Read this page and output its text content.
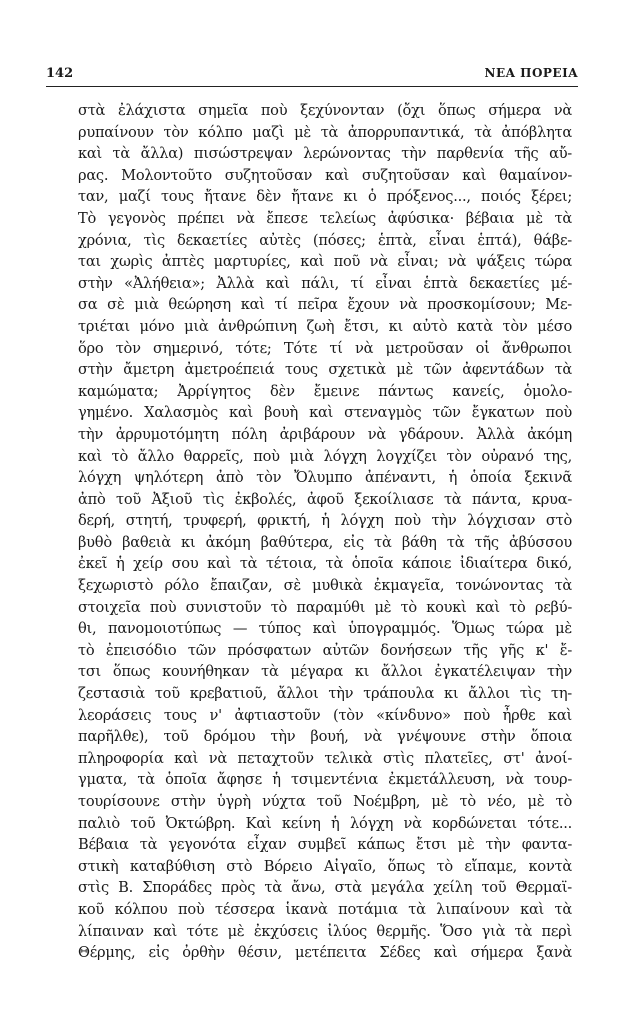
142	ΝΕΑ ΠΟΡΕΙΑ
στὰ ἐλάχιστα σημεῖα ποὺ ξεχύνονταν (ὄχι ὅπως σήμερα νὰ
ρυπαίνουν τὸν κόλπο μαζὶ μὲ τὰ ἀπορρυπαντικά, τὰ ἀπόβλητα
καὶ τὰ ἄλλα) πισώστρεψαν λερώνοντας τὴν παρθενία τῆς αὔ-
ρας. Μολοντοῦτο συζητοῦσαν καὶ συζητοῦσαν καὶ θαμαίνον-
ταν, μαζί τους ἤτανε δὲν ἤτανε κι ὁ πρόξενος..., ποιός ξέρει;
Τὸ γεγονὸς πρέπει νὰ ἔπεσε τελείως ἀφύσικα· βέβαια μὲ τὰ
χρόνια, τὶς δεκαετίες αὐτὲς (πόσες; ἑπτὰ, εἶναι ἑπτά), θάβε-
ται χωρὶς ἀπτὲς μαρτυρίες, καὶ ποῦ νὰ εἶναι; νὰ ψάξεις τώρα
στὴν «Ἀλήθεια»; Ἀλλὰ καὶ πάλι, τί εἶναι ἑπτὰ δεκαετίες μέ-
σα σὲ μιὰ θεώρηση καὶ τί πεῖρα ἔχουν νὰ προσκομίσουν; Με-
τριέται μόνο μιὰ ἀνθρώπινη ζωὴ ἔτσι, κι αὐτὸ κατὰ τὸν μέσο
ὅρο τὸν σημερινό, τότε; Τότε τί νὰ μετροῦσαν οἱ ἄνθρωποι
στὴν ἄμετρη ἀμετροέπειά τους σχετικὰ μὲ τῶν ἀφεντάδων τὰ
καμώματα; Ἀρρίγητος δὲν ἔμεινε πάντως κανείς, ὁμολο-
γημένο. Χαλασμὸς καὶ βουὴ καὶ στεναγμὸς τῶν ἔγκατων ποὺ
τὴν ἀρρυμοτόμητη πόλη ἀριβάρουν νὰ γδάρουν. Ἀλλὰ ἀκόμη
καὶ τὸ ἄλλο θαρρεῖς, ποὺ μιὰ λόγχη λογχίζει τὸν οὐρανό της,
λόγχη ψηλότερη ἀπὸ τὸν Ὄλυμπο ἀπέναντι, ἡ ὁποία ξεκινᾶ
ἀπὸ τοῦ Ἀξιοῦ τὶς ἐκβολές, ἀφοῦ ξεκοίλιασε τὰ πάντα, κρυα-
δερή, στητή, τρυφερή, φρικτή, ἡ λόγχη ποὺ τὴν λόγχισαν στὸ
βυθὸ βαθειὰ κι ἀκόμη βαθύτερα, εἰς τὰ βάθη τὰ τῆς ἀβύσσου
ἐκεῖ ἡ χείρ σου καὶ τὰ τέτοια, τὰ ὁποῖα κάποιε ἰδιαίτερα δικό,
ξεχωριστὸ ρόλο ἔπαιζαν, σὲ μυθικὰ ἐκμαγεῖα, τονώνοντας τὰ
στοιχεῖα ποὺ συνιστοῦν τὸ παραμύθι μὲ τὸ κουκὶ καὶ τὸ ρεβύ-
θι, πανομοιοτύπως — τύπος καὶ ὑπογραμμός. Ὅμως τώρα μὲ
τὸ ἐπεισόδιο τῶν πρόσφατων αὐτῶν δονήσεων τῆς γῆς κ' ἔ-
τσι ὅπως κουνήθηκαν τὰ μέγαρα κι ἄλλοι ἐγκατέλειψαν τὴν
ζεστασιὰ τοῦ κρεβατιοῦ, ἄλλοι τὴν τράπουλα κι ἄλλοι τὶς τη-
λεοράσεις τους ν' ἀφτιαστοῦν (τὸν «κίνδυνο» ποὺ ἦρθε καὶ
παρῆλθε), τοῦ δρόμου τὴν βουή, νὰ γνέψουνε στὴν ὅποια
πληροφορία καὶ νὰ πεταχτοῦν τελικὰ στὶς πλατεῖες, στ' ἀνοί-
γματα, τὰ ὁποῖα ἄφησε ἡ τσιμεντένια ἐκμετάλλευση, νὰ τουρ-
τουρίσουνε στὴν ὑγρὴ νύχτα τοῦ Νοέμβρη, μὲ τὸ νέο, μὲ τὸ
παλιὸ τοῦ Ὀκτώβρη. Καὶ κείνη ἡ λόγχη νὰ κορδώνεται τότε...
Βέβαια τὰ γεγονότα εἶχαν συμβεῖ κάπως ἔτσι μὲ τὴν φαντα-
στικὴ καταβύθιση στὸ Βόρειο Αἰγαῖο, ὅπως τὸ εἴπαμε, κοντὰ
στὶς Β. Σποράδες πρὸς τὰ ἄνω, στὰ μεγάλα χείλη τοῦ Θερμαϊ-
κοῦ κόλπου ποὺ τέσσερα ἱκανὰ ποτάμια τὰ λιπαίνουν καὶ τὰ
λίπαιναν καὶ τότε μὲ ἐκχύσεις ἰλύος θερμῆς. Ὅσο γιὰ τὰ περὶ
Θέρμης, εἰς ὀρθὴν θέσιν, μετέπειτα Σέδες καὶ σήμερα ξανὰ
